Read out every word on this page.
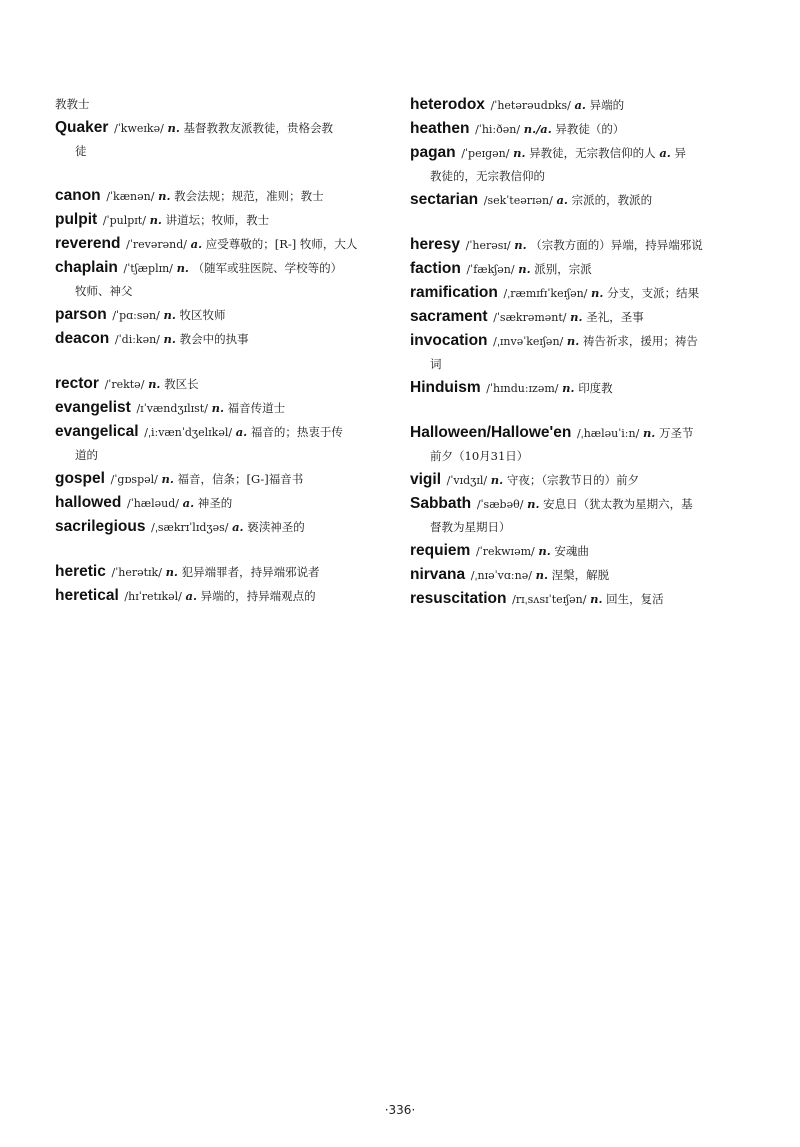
教教士
Quaker /ˈkweɪkə/ n. 基督教教友派教徒，贵格会教
徒
canon /ˈkænən/ n. 教会法规；规范，准则；教士
pulpit /ˈpulpɪt/ n. 讲道坛；牧师，教士
reverend /ˈrevərənd/ a. 应受尊敬的；[R-] 牧师，大人
chaplain /ˈtʃæplɪn/ n. （随军或驻医院、学校等的）
牧师、神父
parson /ˈpɑːsən/ n. 牧区牧师
deacon /ˈdiːkən/ n. 教会中的执事
rector /ˈrektə/ n. 教区长
evangelist /ɪˈvændʒɪlɪst/ n. 福音传道士
evangelical /ˌiːvænˈdʒelɪkəl/ a. 福音的；热衷于传
道的
gospel /ˈgɒspəl/ n. 福音，信条；[G-]福音书
hallowed /ˈhæləud/ a. 神圣的
sacrilegious /ˌsækrɪˈlɪdʒəs/ a. 亵渎神圣的
heretic /ˈherətɪk/ n. 犯异端罪者，持异端邪说者
heretical /hɪˈretɪkəl/ a. 异端的，持异端观点的
heterodox /ˈhetərəudɒks/ a. 异端的
heathen /ˈhiːðən/ n./a. 异教徒（的）
pagan /ˈpeɪgən/ n. 异教徒，无宗教信仰的人 a. 异
教徒的，无宗教信仰的
sectarian /sekˈteərɪən/ a. 宗派的，教派的
heresy /ˈherəsɪ/ n. （宗教方面的）异端，持异端邪说
faction /ˈfækʃən/ n. 派别，宗派
ramification /ˌræmɪfɪˈkeɪʃən/ n. 分支，支派；结果
sacrament /ˈsækrəmənt/ n. 圣礼，圣事
invocation /ˌɪnvəˈkeɪʃən/ n. 祷告祈求，援用；祷告
词
Hinduism /ˈhɪnduːɪzəm/ n. 印度教
Halloween/Hallowe'en /ˌhæləuˈiːn/ n. 万圣节
前夕（10月31日）
vigil /ˈvɪdʒɪl/ n. 守夜；（宗教节日的）前夕
Sabbath /ˈsæbəθ/ n. 安息日（犹太教为星期六，基
督教为星期日）
requiem /ˈrekwɪəm/ n. 安魂曲
nirvana /ˌnɪəˈvɑːnə/ n. 涅槃，解脱
resuscitation /rɪˌsʌsɪˈteɪʃən/ n. 回生，复活
·336·
